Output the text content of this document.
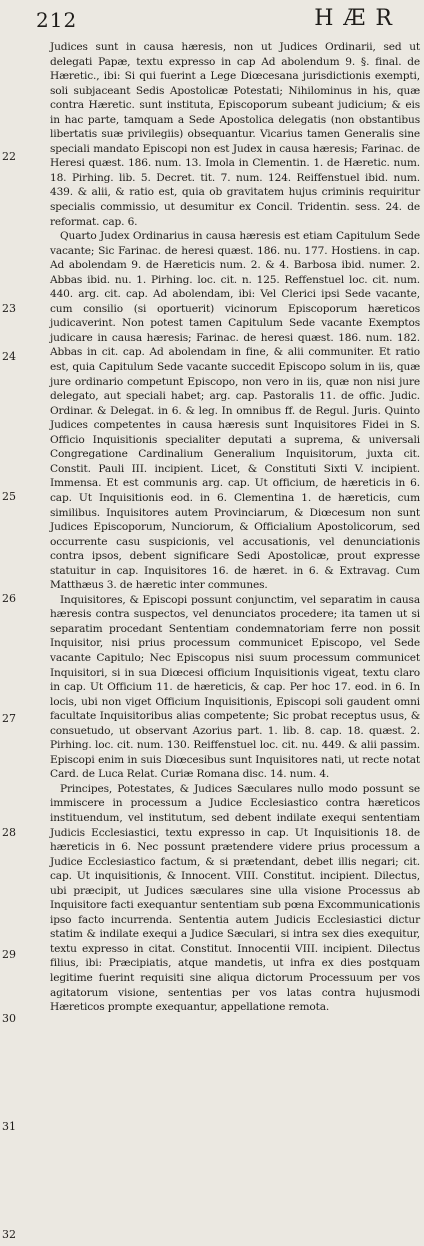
212	HÆR
22
23
24
25
26
27
28
29
30
31
32

Judices sunt in causa hæresis, non ut Judices Ordinarii, sed ut delegati Papæ, textu expresso in cap Ad abolendum 9. §. final. de Hæretic., ibi: Si qui fuerint a Lege Diœcesana jurisdictionis exempti, soli subjaceant Sedis Apostolicæ Potestati; Nihilominus in his, quæ contra Hæretic. sunt instituta, Episcoporum subeant judicium; & eis in hac parte, tamquam a Sede Apostolica delegatis (non obstantibus libertatis suæ privilegiis) obsequantur. Vicarius tamen Generalis sine speciali mandato Episcopi non est Judex in causa hæresis; Farinac. de Heresi quæst. 186. num. 13. Imola in Clementin. 1. de Hæretic. num. 18. Pirhing. lib. 5. Decret. tit. 7. num. 124. Reiffenstuel ibid. num. 439. & alii, & ratio est, quia ob gravitatem hujus criminis requiritur specialis commissio, ut desumitur ex Concil. Tridentin. sess. 24. de reformat. cap. 6.

Quarto Judex Ordinarius in causa hæresis est etiam Capitulum Sede vacante; Sic Farinac. de heresi quæst. 186. nu. 177. Hostiens. in cap. Ad abolendam 9. de Hæreticis num. 2. & 4. Barbosa ibid. numer. 2. Abbas ibid. nu. 1. Pirhing. loc. cit. n. 125. Reffenstuel loc. cit. num. 440. arg. cit. cap. Ad abolendam, ibi: Vel Clerici ipsi Sede vacante, cum consilio (si oportuerit) vicinorum Episcoporum hæreticos judicaverint. Non potest tamen Capitulum Sede vacante Exemptos judicare in causa hæresis; Farinac. de heresi quæst. 186. num. 182. Abbas in cit. cap. Ad abolendam in fine, & alii communiter. Et ratio est, quia Capitulum Sede vacante succedit Episcopo solum in iis, quæ jure ordinario competunt Episcopo, non vero in iis, quæ non nisi jure delegato, aut speciali habet; arg. cap. Pastoralis 11. de offic. Judic. Ordinar. & Delegat. in 6. & leg. In omnibus ff. de Regul. Juris. Quinto Judices competentes in causa hæresis sunt Inquisitores Fidei in S. Officio Inquisitionis specialiter deputati a suprema, & universali Congregatione Cardinalium Generalium Inquisitorum, juxta cit. Constit. Pauli III. incipient. Licet, & Constituti Sixti V. incipient. Immensa. Et est communis arg. cap. Ut officium, de hæreticis in 6. cap. Ut Inquisitionis eod. in 6. Clementina 1. de hæreticis, cum similibus. Inquisitores autem Provinciarum, & Diœcesum non sunt Judices Episcoporum, Nunciorum, & Officialium Apostolicorum, sed occurrente casu suspicionis, vel accusationis, vel denunciationis contra ipsos, debent significare Sedi Apostolicæ, prout expresse statuitur in cap. Inquisitores 16. de hæret. in 6. & Extravag. Cum Matthæus 3. de hæretic inter communes.

Inquisitores, & Episcopi possunt conjunctim, vel separatim in causa hæresis contra suspectos, vel denunciatos procedere; ita tamen ut si separatim procedant Sententiam condemnatoriam ferre non possit Inquisitor, nisi prius processum communicet Episcopo, vel Sede vacante Capitulo; Nec Episcopus nisi suum processum communicet Inquisitori, si in sua Diœcesi officium Inquisitionis vigeat, textu claro in cap. Ut Officium 11. de hæreticis, & cap. Per hoc 17. eod. in 6. In locis, ubi non viget Officium Inquisitionis, Episcopi soli gaudent omni facultate Inquisitoribus alias competente; Sic probat receptus usus, & consuetudo, ut observant Azorius part. 1. lib. 8. cap. 18. quæst. 2. Pirhing. loc. cit. num. 130. Reiffenstuel loc. cit. nu. 449. & alii passim. Episcopi enim in suis Diœcesibus sunt Inquisitores nati, ut recte notat Card. de Luca Relat. Curiæ Romana disc. 14. num. 4.

Principes, Potestates, & Judices Sæculares nullo modo possunt se immiscere in processum a Judice Ecclesiastico contra hæreticos instituendum, vel institutum, sed debent indilate exequi sententiam Judicis Ecclesiastici, textu expresso in cap. Ut Inquisitionis 18. de hæreticis in 6. Nec possunt prætendere videre prius processum a Judice Ecclesiastico factum, & si prætendant, debet illis negari; cit. cap. Ut inquisitionis, & Innocent. VIII. Constitut. incipient. Dilectus, ubi præcipit, ut Judices sæculares sine ulla visione Processus ab Inquisitore facti exequantur sententiam sub pœna Excommunicationis ipso facto incurrenda. Sententia autem Judicis Ecclesiastici dictur statim & indilate exequi a Judice Sæculari, si intra sex dies exequitur, textu expresso in citat. Constitut. Innocentii VIII. incipient. Dilectus filius, ibi: Præcipiatis, atque mandetis, ut infra ex dies postquam legitime fuerint requisiti sine aliqua dictorum Processuum per vos agitatorum visione, sententias per vos latas contra hujusmodi Hæreticos prompte exequantur, appellatione remota.
